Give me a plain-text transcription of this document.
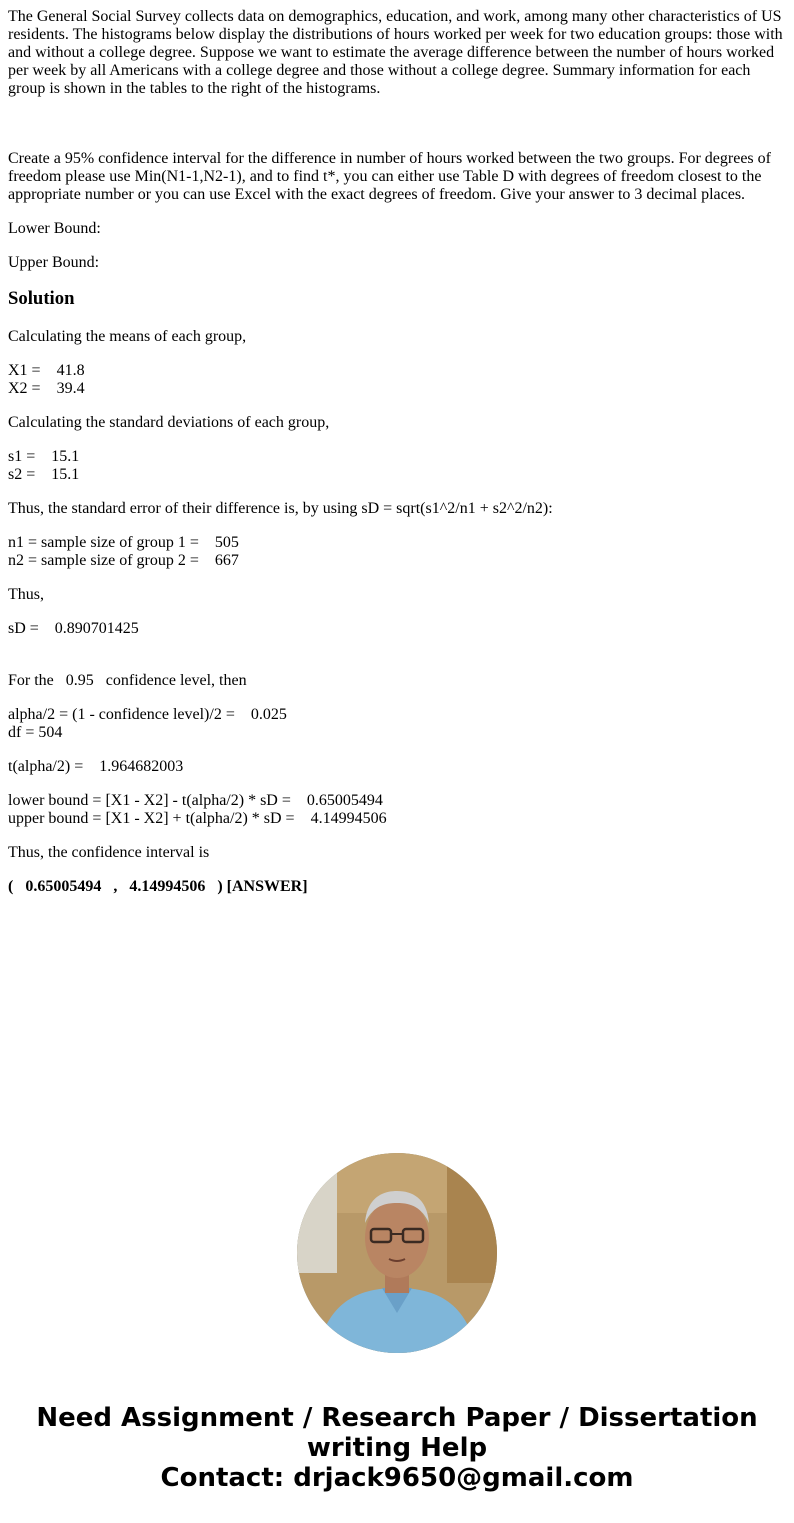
The General Social Survey collects data on demographics, education, and work, among many other characteristics of US residents. The histograms below display the distributions of hours worked per week for two education groups: those with and without a college degree. Suppose we want to estimate the average difference between the number of hours worked per week by all Americans with a college degree and those without a college degree. Summary information for each group is shown in the tables to the right of the histograms.

Create a 95% confidence interval for the difference in number of hours worked between the two groups. For degrees of freedom please use Min(N1-1,N2-1), and to find t*, you can either use Table D with degrees of freedom closest to the appropriate number or you can use Excel with the exact degrees of freedom. Give your answer to 3 decimal places.

Lower Bound:

Upper Bound:

Solution

Calculating the means of each group,

X1 =    41.8

X2 =    39.4

Calculating the standard deviations of each group,

s1 =    15.1

s2 =    15.1

Thus, the standard error of their difference is, by using sD = sqrt(s1^2/n1 + s2^2/n2):

n1 = sample size of group 1 =    505

n2 = sample size of group 2 =    667

Thus,

sD =    0.890701425

For the   0.95   confidence level, then

alpha/2 = (1 - confidence level)/2 =    0.025

df = 504

t(alpha/2) =    1.964682003

lower bound = [X1 - X2] - t(alpha/2) * sD =    0.65005494

upper bound = [X1 - X2] + t(alpha/2) * sD =    4.14994506

Thus, the confidence interval is

(   0.65005494   ,   4.14994506   ) [ANSWER]

Need Assignment / Research Paper / Dissertation
writing Help
Contact: drjack9650@gmail.com
